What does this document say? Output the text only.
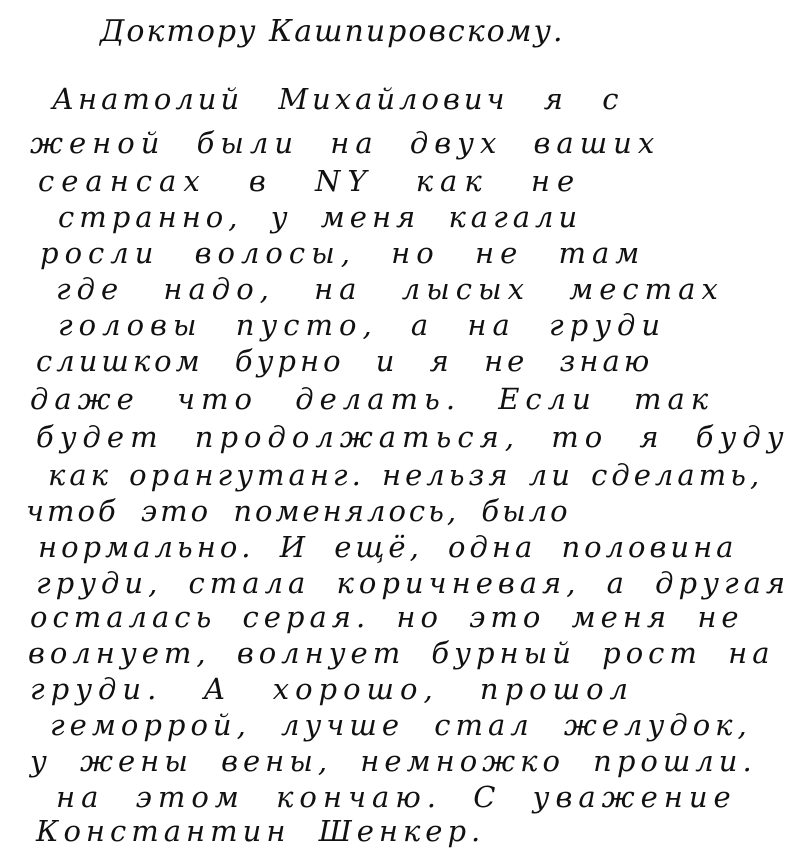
Доктору Кашпировскому.
Анатолий Михайлович я с
женой были на двух ваших
сеансах в NY как не
странно, у меня кагали
росли волосы, но не там
где надо, на лысых местах
головы пусто, а на груди
слишком бурно и я не знаю
даже что делать. Если так
будет продолжаться, то я буду
как орангутанг. нельзя ли сделать,
чтоб это поменялось, было
нормально. И ещё, одна половина
груди, стала коричневая, а другая
осталась серая. но это меня не
волнует, волнует бурный рост на
груди. А хорошо, прошол
геморрой, лучше стал желудок,
у жены вены, немножко прошли.
на этом кончаю. С уважение
Константин Шенкер.
